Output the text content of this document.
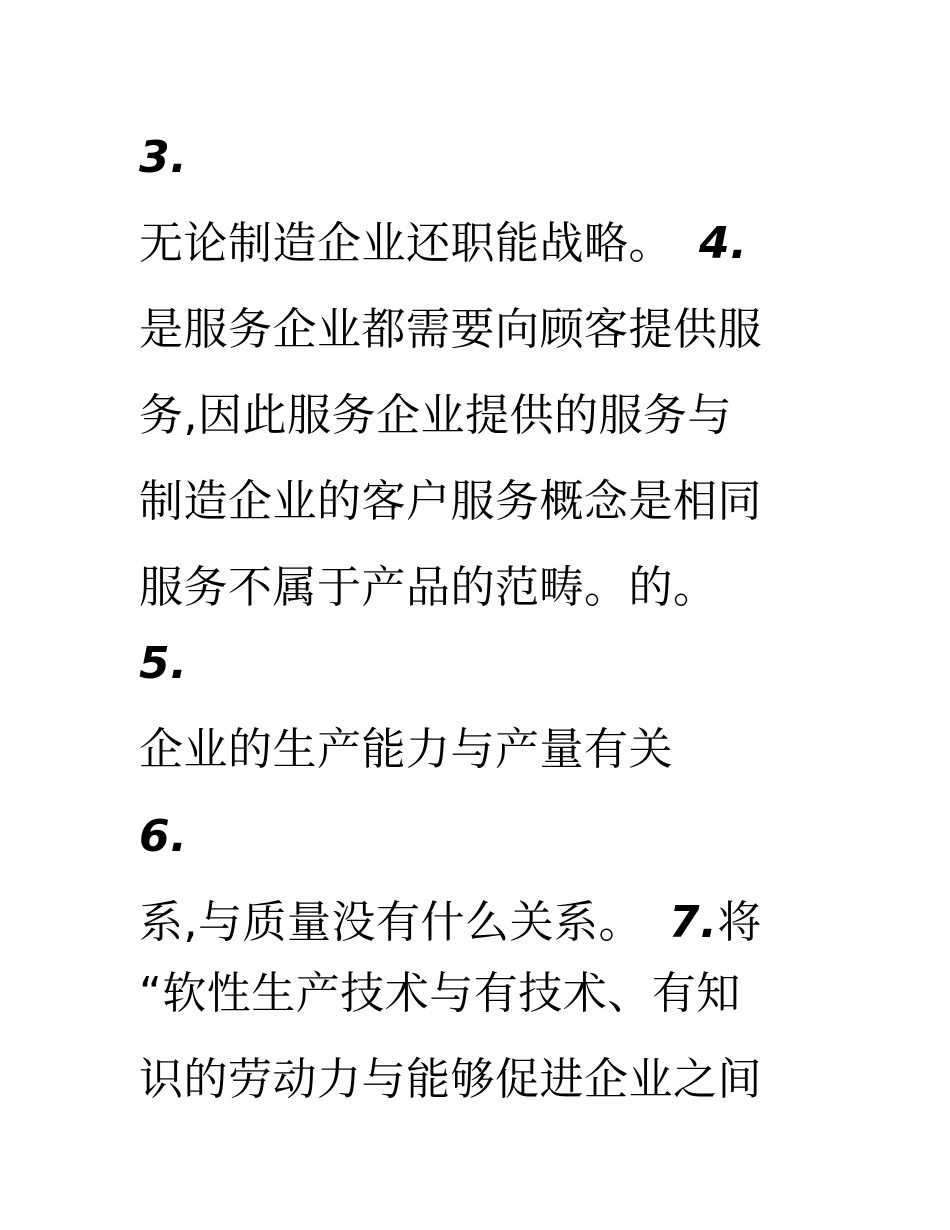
3.
无论制造企业还职能战略。 4.
是服务企业都需要向顾客提供服
务,因此服务企业提供的服务与
制造企业的客户服务概念是相同
服务不属于产品的范畴。的。
5.
企业的生产能力与产量有关
6.
系,与质量没有什么关系。 7.将
“软性生产技术与有技术、有知
识的劳动力与能够促进企业之间
